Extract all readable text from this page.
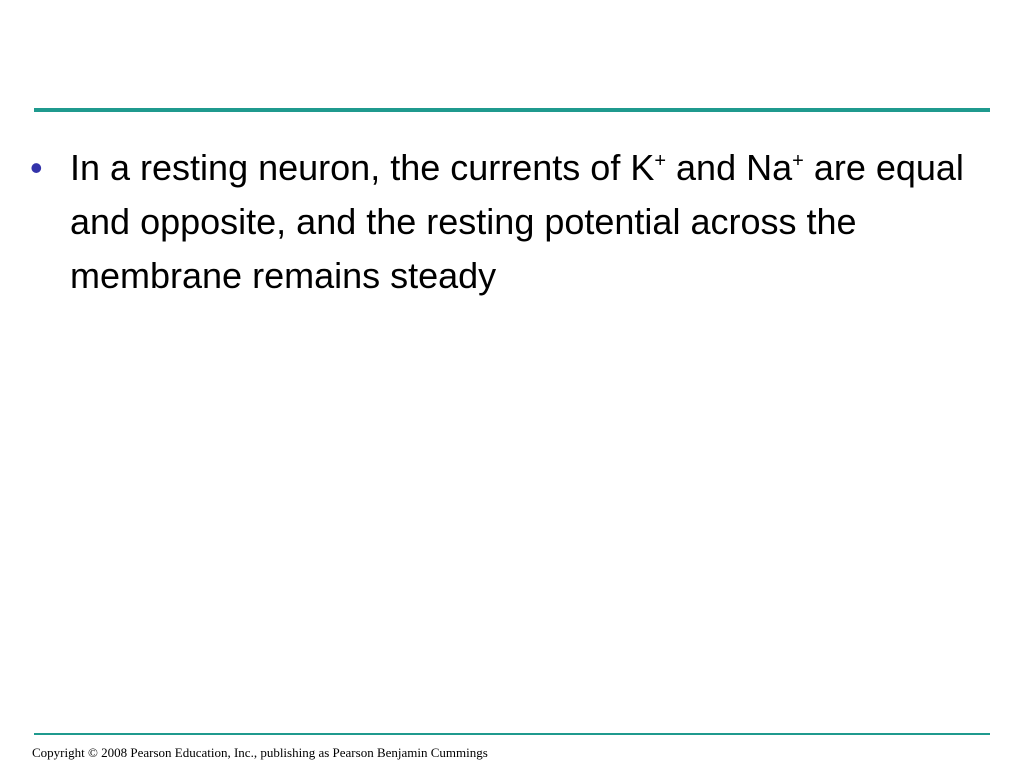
• In a resting neuron, the currents of K+ and Na+ are equal and opposite, and the resting potential across the membrane remains steady
Copyright © 2008 Pearson Education, Inc., publishing as Pearson Benjamin Cummings
